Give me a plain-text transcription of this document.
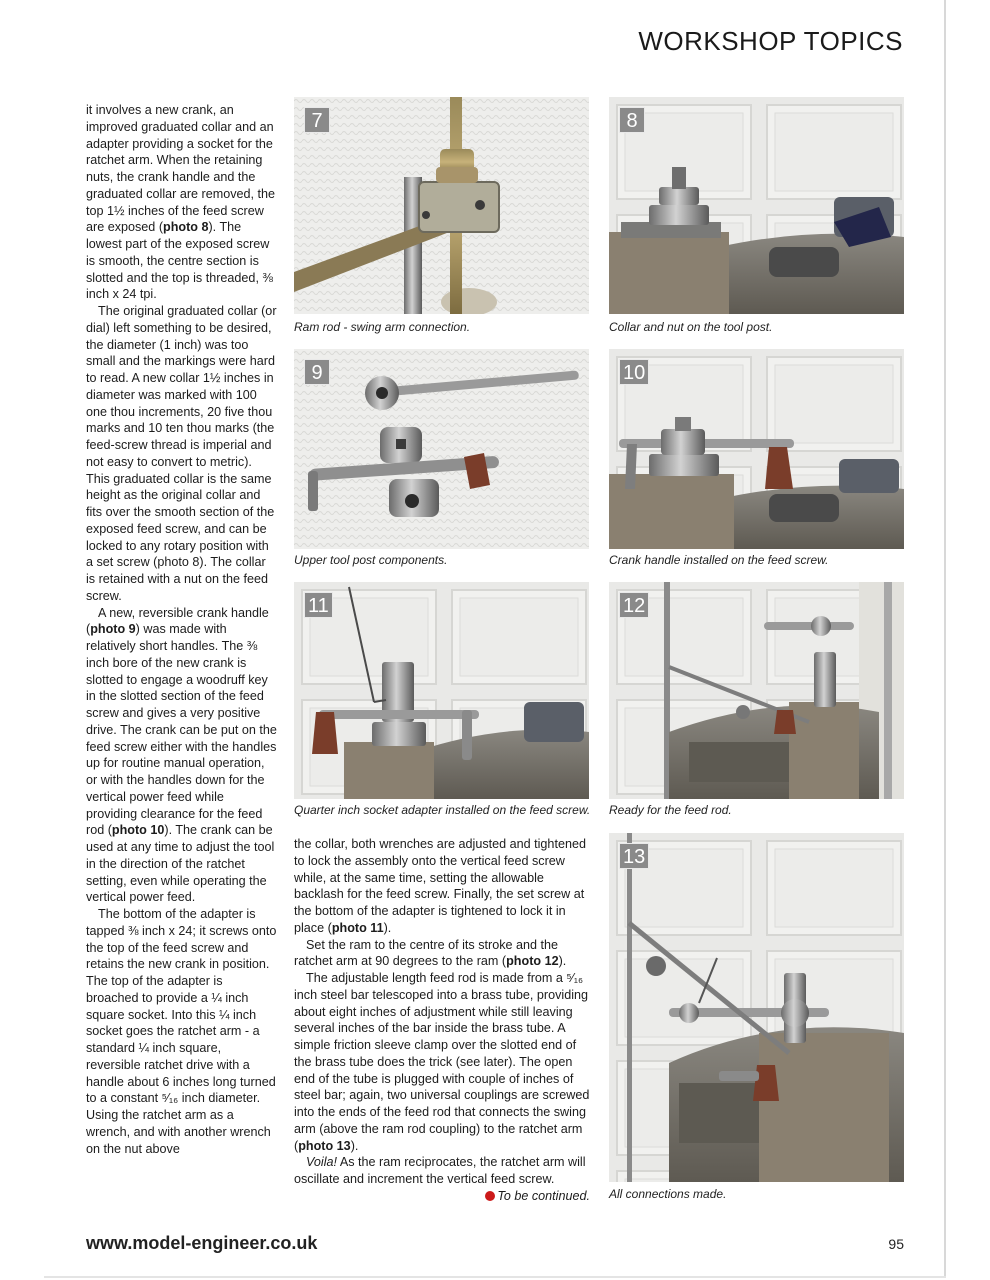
WORKSHOP TOPICS

it involves a new crank, an improved graduated collar and an adapter providing a socket for the ratchet arm. When the retaining nuts, the crank handle and the graduated collar are removed, the top 1½ inches of the feed screw are exposed (photo 8). The lowest part of the exposed screw is smooth, the centre section is slotted and the top is threaded, ⅜ inch x 24 tpi.

The original graduated collar (or dial) left something to be desired, the diameter (1 inch) was too small and the markings were hard to read. A new collar 1½ inches in diameter was marked with 100 one thou increments, 20 five thou marks and 10 ten thou marks (the feed-screw thread is imperial and not easy to convert to metric). This graduated collar is the same height as the original collar and fits over the smooth section of the exposed feed screw, and can be locked to any rotary position with a set screw (photo 8). The collar is retained with a nut on the feed screw.

A new, reversible crank handle (photo 9) was made with relatively short handles. The ⅜ inch bore of the new crank is slotted to engage a woodruff key in the slotted section of the feed screw and gives a very positive drive. The crank can be put on the feed screw either with the handles up for routine manual operation, or with the handles down for the vertical power feed while providing clearance for the feed rod (photo 10). The crank can be used at any time to adjust the tool in the direction of the ratchet setting, even while operating the vertical power feed.

The bottom of the adapter is tapped ⅜ inch x 24; it screws onto the top of the feed screw and retains the new crank in position. The top of the adapter is broached to provide a ¼ inch square socket. Into this ¼ inch socket goes the ratchet arm - a standard ¼ inch square, reversible ratchet drive with a handle about 6 inches long turned to a constant ⁵⁄₁₆ inch diameter. Using the ratchet arm as a wrench, and with another wrench on the nut above

the collar, both wrenches are adjusted and tightened to lock the assembly onto the vertical feed screw while, at the same time, setting the allowable backlash for the feed screw. Finally, the set screw at the bottom of the adapter is tightened to lock it in place (photo 11).

Set the ram to the centre of its stroke and the ratchet arm at 90 degrees to the ram (photo 12).

The adjustable length feed rod is made from a ⁵⁄₁₆ inch steel bar telescoped into a brass tube, providing about eight inches of adjustment while still leaving several inches of the bar inside the brass tube. A simple friction sleeve clamp over the slotted end of the brass tube does the trick (see later). The open end of the tube is plugged with couple of inches of steel bar; again, two universal couplings are screwed into the ends of the feed rod that connects the swing arm (above the ram rod coupling) to the ratchet arm (photo 13).

Voila! As the ram reciprocates, the ratchet arm will oscillate and increment the vertical feed screw.

To be continued.

7
Ram rod - swing arm connection.
8
Collar and nut on the tool post.
9
Upper tool post components.
10
Crank handle installed on the feed screw.
11
Quarter inch socket adapter installed on the feed screw.
12
Ready for the feed rod.
13
All connections made.
www.model-engineer.co.uk	95
